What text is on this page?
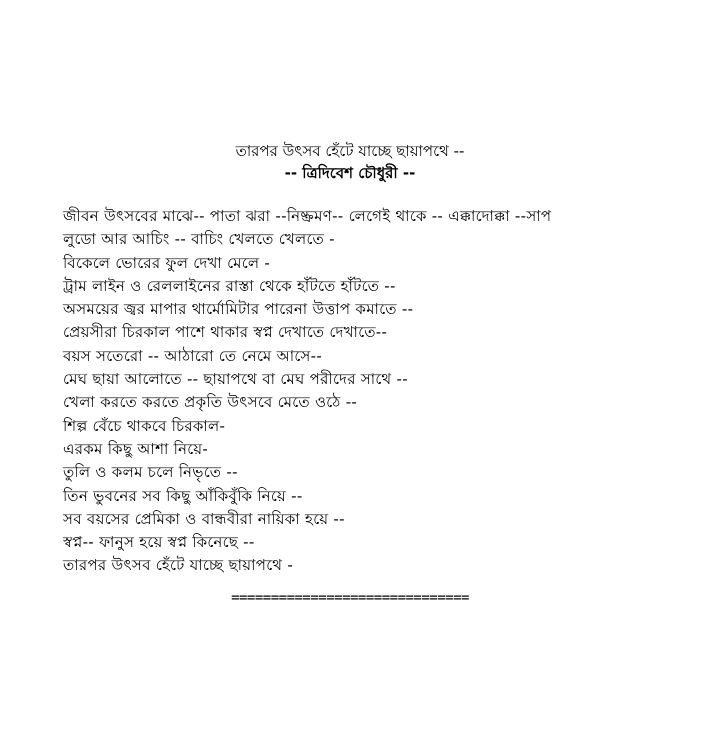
তারপর উৎসব হেঁটে যাচ্ছে ছায়াপথে --
-- ত্রিদিবেশ চৌধুরী --
জীবন উৎসবের মাঝে-- পাতা ঝরা --নিষ্ক্রমণ-- লেগেই থাকে -- এক্কাদোক্কা --সাপ
লুডো আর আচিং -- বাচিং খেলতে খেলতে -
বিকেলে ভোরের ফুল দেখা মেলে -
ট্রাম লাইন ও রেললাইনের রাস্তা থেকে হাঁটতে হাঁটতে --
অসময়ের জ্বর মাপার থার্মোমিটার পারেনা উত্তাপ কমাতে --
প্রেয়সীরা চিরকাল পাশে থাকার স্বপ্ন দেখাতে দেখাতে--
বয়স সতেরো -- আঠারো তে নেমে আসে--
মেঘ ছায়া আলোতে -- ছায়াপথে বা মেঘ পরীদের সাথে --
খেলা করতে করতে প্রকৃতি উৎসবে মেতে ওঠে --
শিল্প বেঁচে থাকবে চিরকাল-
এরকম কিছু আশা নিয়ে-
তুলি ও কলম চলে নিভৃতে --
তিন ভুবনের সব কিছু আঁকিবুঁকি নিয়ে --
সব বয়সের প্রেমিকা ও বান্ধবীরা নায়িকা হয়ে --
স্বপ্ন-- ফানুস হয়ে স্বপ্ন কিনেছে --
তারপর উৎসব হেঁটে যাচ্ছে ছায়াপথে -
==============================
